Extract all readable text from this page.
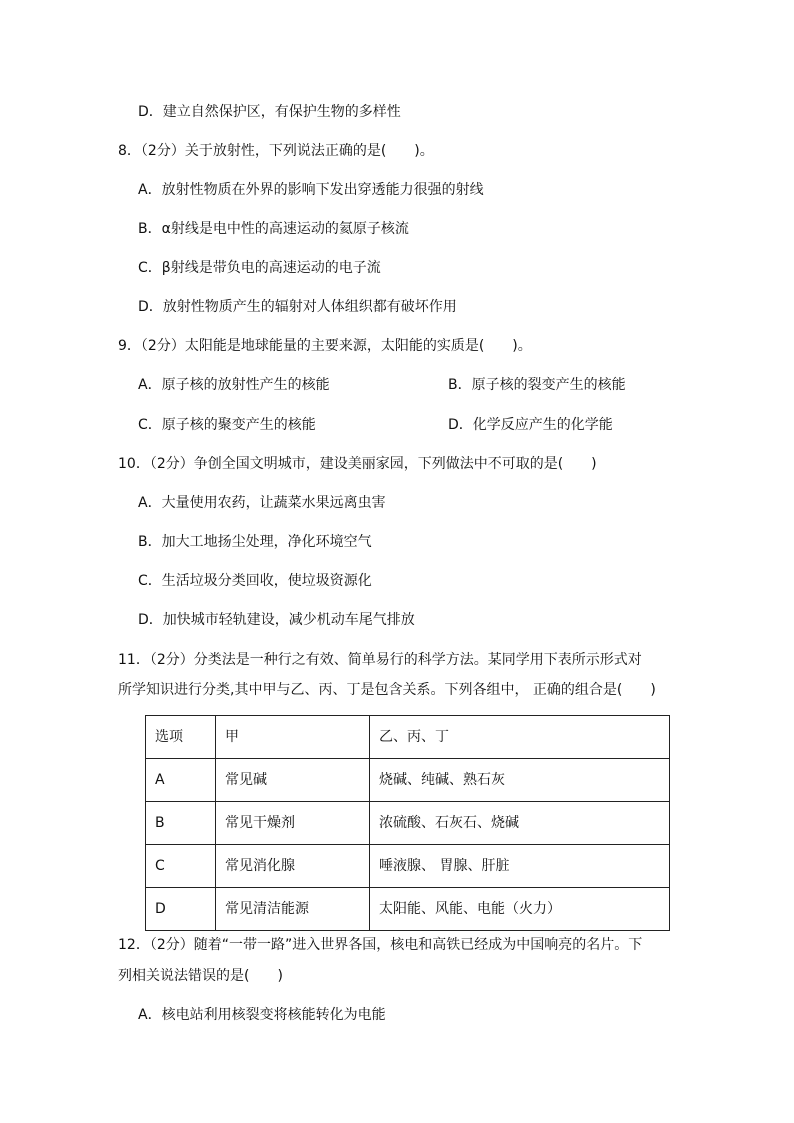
D．建立自然保护区，有保护生物的多样性
8．（2分）关于放射性，下列说法正确的是(　　)。
A．放射性物质在外界的影响下发出穿透能力很强的射线
B．α射线是电中性的高速运动的氦原子核流
C．β射线是带负电的高速运动的电子流
D．放射性物质产生的辐射对人体组织都有破坏作用
9．（2分）太阳能是地球能量的主要来源，太阳能的实质是(　　)。
A．原子核的放射性产生的核能	B．原子核的裂变产生的核能
C．原子核的聚变产生的核能	D．化学反应产生的化学能
10．（2分）争创全国文明城市，建设美丽家园，下列做法中不可取的是(　　)
A．大量使用农药，让蔬菜水果远离虫害
B．加大工地扬尘处理，净化环境空气
C．生活垃圾分类回收，使垃圾资源化
D．加快城市轻轨建设，减少机动车尾气排放
11．（2分）分类法是一种行之有效、简单易行的科学方法。某同学用下表所示形式对
所学知识进行分类,其中甲与乙、丙、丁是包含关系。下列各组中， 正确的组合是(　　)
选项	甲	乙、丙、丁
A	常见碱	烧碱、纯碱、熟石灰
B	常见干燥剂	浓硫酸、石灰石、烧碱
C	常见消化腺	唾液腺、 胃腺、肝脏
D	常见清洁能源	太阳能、风能、电能（火力）
12．（2分）随着“一带一路”进入世界各国，核电和高铁已经成为中国响亮的名片。下
列相关说法错误的是(　　)
A．核电站利用核裂变将核能转化为电能
